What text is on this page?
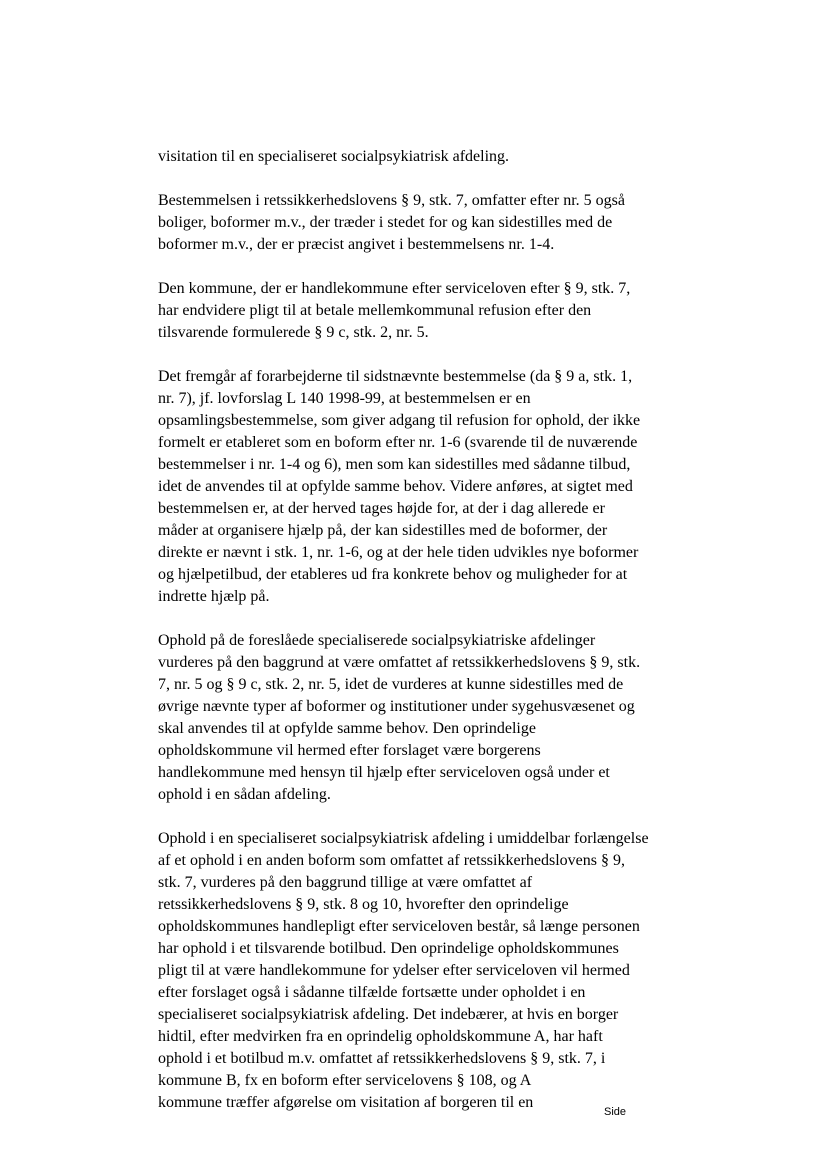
visitation til en specialiseret socialpsykiatrisk afdeling.
Bestemmelsen i retssikkerhedslovens § 9, stk. 7, omfatter efter nr. 5 også
boliger, boformer m.v., der træder i stedet for og kan sidestilles med de
boformer m.v., der er præcist angivet i bestemmelsens nr. 1-4.
Den kommune, der er handlekommune efter serviceloven efter § 9, stk. 7,
har endvidere pligt til at betale mellemkommunal refusion efter den
tilsvarende formulerede § 9 c, stk. 2, nr. 5.
Det fremgår af forarbejderne til sidstnævnte bestemmelse (da § 9 a, stk. 1,
nr. 7), jf. lovforslag L 140 1998-99, at bestemmelsen er en
opsamlingsbestemmelse, som giver adgang til refusion for ophold, der ikke
formelt er etableret som en boform efter nr. 1-6 (svarende til de nuværende
bestemmelser i nr. 1-4 og 6), men som kan sidestilles med sådanne tilbud,
idet de anvendes til at opfylde samme behov. Videre anføres, at sigtet med
bestemmelsen er, at der herved tages højde for, at der i dag allerede er
måder at organisere hjælp på, der kan sidestilles med de boformer, der
direkte er nævnt i stk. 1, nr. 1-6, og at der hele tiden udvikles nye boformer
og hjælpetilbud, der etableres ud fra konkrete behov og muligheder for at
indrette hjælp på.
Ophold på de foreslåede specialiserede socialpsykiatriske afdelinger
vurderes på den baggrund at være omfattet af retssikkerhedslovens § 9, stk.
7, nr. 5 og § 9 c, stk. 2, nr. 5, idet de vurderes at kunne sidestilles med de
øvrige nævnte typer af boformer og institutioner under sygehusvæsenet og
skal anvendes til at opfylde samme behov. Den oprindelige
opholdskommune vil hermed efter forslaget være borgerens
handlekommune med hensyn til hjælp efter serviceloven også under et
ophold i en sådan afdeling.
Ophold i en specialiseret socialpsykiatrisk afdeling i umiddelbar forlængelse
af et ophold i en anden boform som omfattet af retssikkerhedslovens § 9,
stk. 7, vurderes på den baggrund tillige at være omfattet af
retssikkerhedslovens § 9, stk. 8 og 10, hvorefter den oprindelige
opholdskommunes handlepligt efter serviceloven består, så længe personen
har ophold i et tilsvarende botilbud. Den oprindelige opholdskommunes
pligt til at være handlekommune for ydelser efter serviceloven vil hermed
efter forslaget også i sådanne tilfælde fortsætte under opholdet i en
specialiseret socialpsykiatrisk afdeling. Det indebærer, at hvis en borger
hidtil, efter medvirken fra en oprindelig opholdskommune A, har haft
ophold i et botilbud m.v. omfattet af retssikkerhedslovens § 9, stk. 7, i
kommune B, fx en boform efter servicelovens § 108, og A
kommune træffer afgørelse om visitation af borgeren til en
Side
